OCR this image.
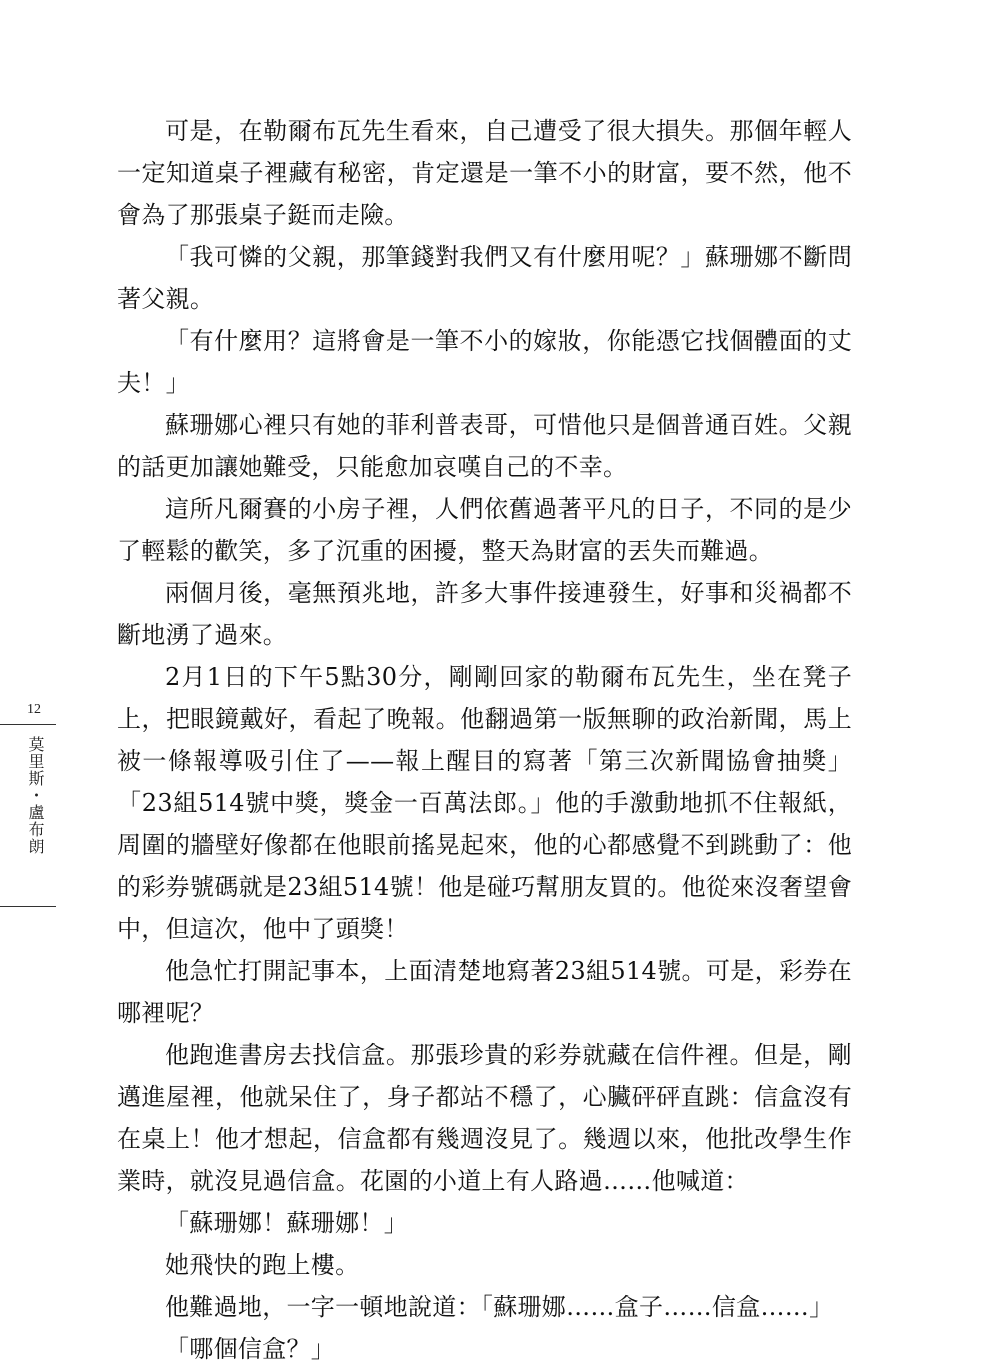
12
莫里斯・盧布朗

可是，在勒爾布瓦先生看來，自己遭受了很大損失。那個年輕人一定知道桌子裡藏有秘密，肯定還是一筆不小的財富，要不然，他不會為了那張桌子鋌而走險。

「我可憐的父親，那筆錢對我們又有什麼用呢？」蘇珊娜不斷問著父親。

「有什麼用？這將會是一筆不小的嫁妝，你能憑它找個體面的丈夫！」

蘇珊娜心裡只有她的菲利普表哥，可惜他只是個普通百姓。父親的話更加讓她難受，只能愈加哀嘆自己的不幸。

這所凡爾賽的小房子裡，人們依舊過著平凡的日子，不同的是少了輕鬆的歡笑，多了沉重的困擾，整天為財富的丟失而難過。

兩個月後，毫無預兆地，許多大事件接連發生，好事和災禍都不斷地湧了過來。

2月1日的下午5點30分，剛剛回家的勒爾布瓦先生，坐在凳子上，把眼鏡戴好，看起了晚報。他翻過第一版無聊的政治新聞，馬上被一條報導吸引住了——報上醒目的寫著「第三次新聞協會抽獎」「23組514號中獎，獎金一百萬法郎。」他的手激動地抓不住報紙，周圍的牆壁好像都在他眼前搖晃起來，他的心都感覺不到跳動了：他的彩券號碼就是23組514號！他是碰巧幫朋友買的。他從來沒奢望會中，但這次，他中了頭獎！

他急忙打開記事本，上面清楚地寫著23組514號。可是，彩券在哪裡呢？

他跑進書房去找信盒。那張珍貴的彩券就藏在信件裡。但是，剛邁進屋裡，他就呆住了，身子都站不穩了，心臟砰砰直跳：信盒沒有在桌上！他才想起，信盒都有幾週沒見了。幾週以來，他批改學生作業時，就沒見過信盒。花園的小道上有人路過……他喊道：

「蘇珊娜！蘇珊娜！」

她飛快的跑上樓。

他難過地，一字一頓地說道：「蘇珊娜……盒子……信盒……」

「哪個信盒？」
